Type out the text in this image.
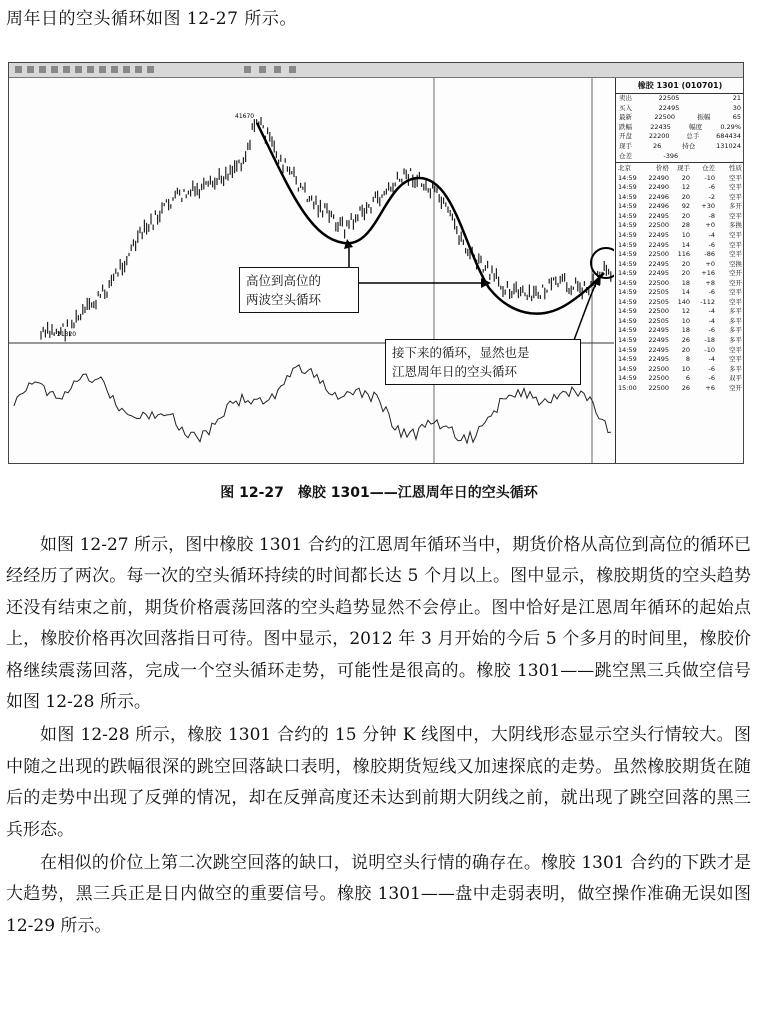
周年日的空头循环如图 12-27 所示。
41670
21320
高位到高位的
两波空头循环
接下来的循环，显然也是
江恩周年日的空头循环
橡胶 1301 (010701)
卖出	22505	21
买入	22495	30
最新	22500	振幅	65
跌幅	22435	幅度	0.29%
开盘	22200	总手	684434
现手	26	持仓	131024
仓差	-396
北京	价格	现手	仓差	性质
14:59	22490	20	-10	空平
14:59	22490	12	-6	空平
14:59	22496	20	-2	空平
14:59	22496	92	+30	多开
14:59	22495	20	-8	空平
14:59	22500	28	+0	多换
14:59	22495	10	-4	空平
14:59	22495	14	-6	空平
14:59	22500	116	-86	空平
14:59	22495	20	+0	空换
14:59	22495	20	+16	空开
14:59	22500	18	+8	空开
14:59	22505	14	-6	空平
14:59	22505	140	-112	空平
14:59	22500	12	-4	多平
14:59	22505	10	-4	多平
14:59	22495	18	-6	多平
14:59	22495	26	-18	多平
14:59	22495	20	-10	空平
14:59	22495	8	-4	空平
14:59	22500	10	-6	多平
14:59	22500	6	-6	双平
15:00	22500	26	+6	空开
图 12-27　橡胶 1301——江恩周年日的空头循环

如图 12-27 所示，图中橡胶 1301 合约的江恩周年循环当中，期货价格从高位到高位的循环已经经历了两次。每一次的空头循环持续的时间都长达 5 个月以上。图中显示，橡胶期货的空头趋势还没有结束之前，期货价格震荡回落的空头趋势显然不会停止。图中恰好是江恩周年循环的起始点上，橡胶价格再次回落指日可待。图中显示，2012 年 3 月开始的今后 5 个多月的时间里，橡胶价格继续震荡回落，完成一个空头循环走势，可能性是很高的。橡胶 1301——跳空黑三兵做空信号如图 12-28 所示。

如图 12-28 所示，橡胶 1301 合约的 15 分钟 K 线图中，大阴线形态显示空头行情较大。图中随之出现的跌幅很深的跳空回落缺口表明，橡胶期货短线又加速探底的走势。虽然橡胶期货在随后的走势中出现了反弹的情况，却在反弹高度还未达到前期大阴线之前，就出现了跳空回落的黑三兵形态。

在相似的价位上第二次跳空回落的缺口，说明空头行情的确存在。橡胶 1301 合约的下跌才是大趋势，黑三兵正是日内做空的重要信号。橡胶 1301——盘中走弱表明，做空操作准确无误如图 12-29 所示。
